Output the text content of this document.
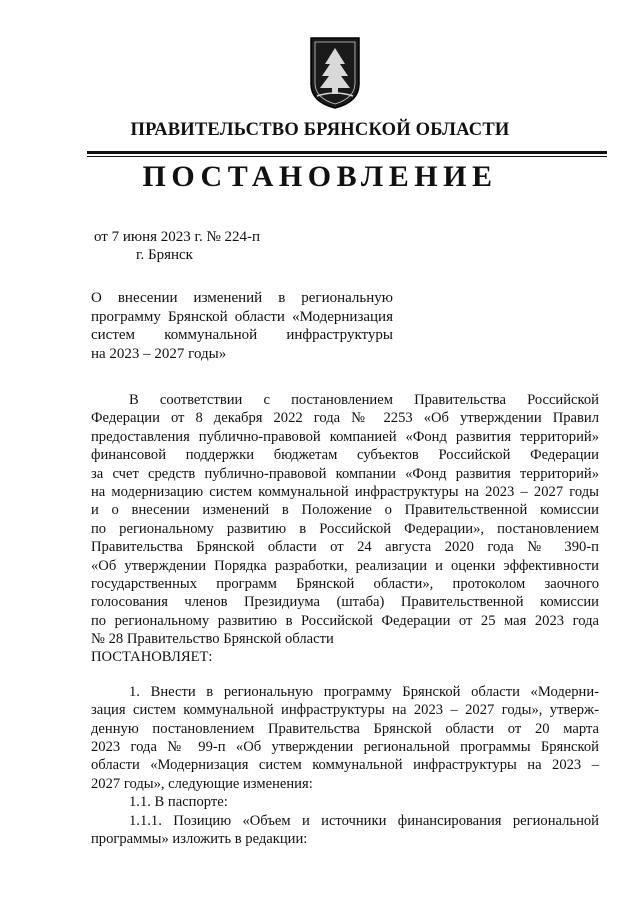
ПРАВИТЕЛЬСТВО БРЯНСКОЙ ОБЛАСТИ
ПОСТАНОВЛЕНИЕ
от 7 июня 2023 г. № 224-п
г. Брянск
О внесении изменений в региональную
программу Брянской области «Модернизация
систем коммунальной инфраструктуры
на 2023 – 2027 годы»
В соответствии с постановлением Правительства Российской
Федерации от 8 декабря 2022 года № 2253 «Об утверждении Правил
предоставления публично-правовой компанией «Фонд развития территорий»
финансовой поддержки бюджетам субъектов Российской Федерации
за счет средств публично-правовой компании «Фонд развития территорий»
на модернизацию систем коммунальной инфраструктуры на 2023 – 2027 годы
и о внесении изменений в Положение о Правительственной комиссии
по региональному развитию в Российской Федерации», постановлением
Правительства Брянской области от 24 августа 2020 года № 390-п
«Об утверждении Порядка разработки, реализации и оценки эффективности
государственных программ Брянской области», протоколом заочного
голосования членов Президиума (штаба) Правительственной комиссии
по региональному развитию в Российской Федерации от 25 мая 2023 года
№ 28 Правительство Брянской области
ПОСТАНОВЛЯЕТ:
1. Внести в региональную программу Брянской области «Модерни-
зация систем коммунальной инфраструктуры на 2023 – 2027 годы», утверж-
денную постановлением Правительства Брянской области от 20 марта
2023 года № 99-п «Об утверждении региональной программы Брянской
области «Модернизация систем коммунальной инфраструктуры на 2023 –
2027 годы», следующие изменения:
1.1. В паспорте:
1.1.1. Позицию «Объем и источники финансирования региональной
программы» изложить в редакции:
